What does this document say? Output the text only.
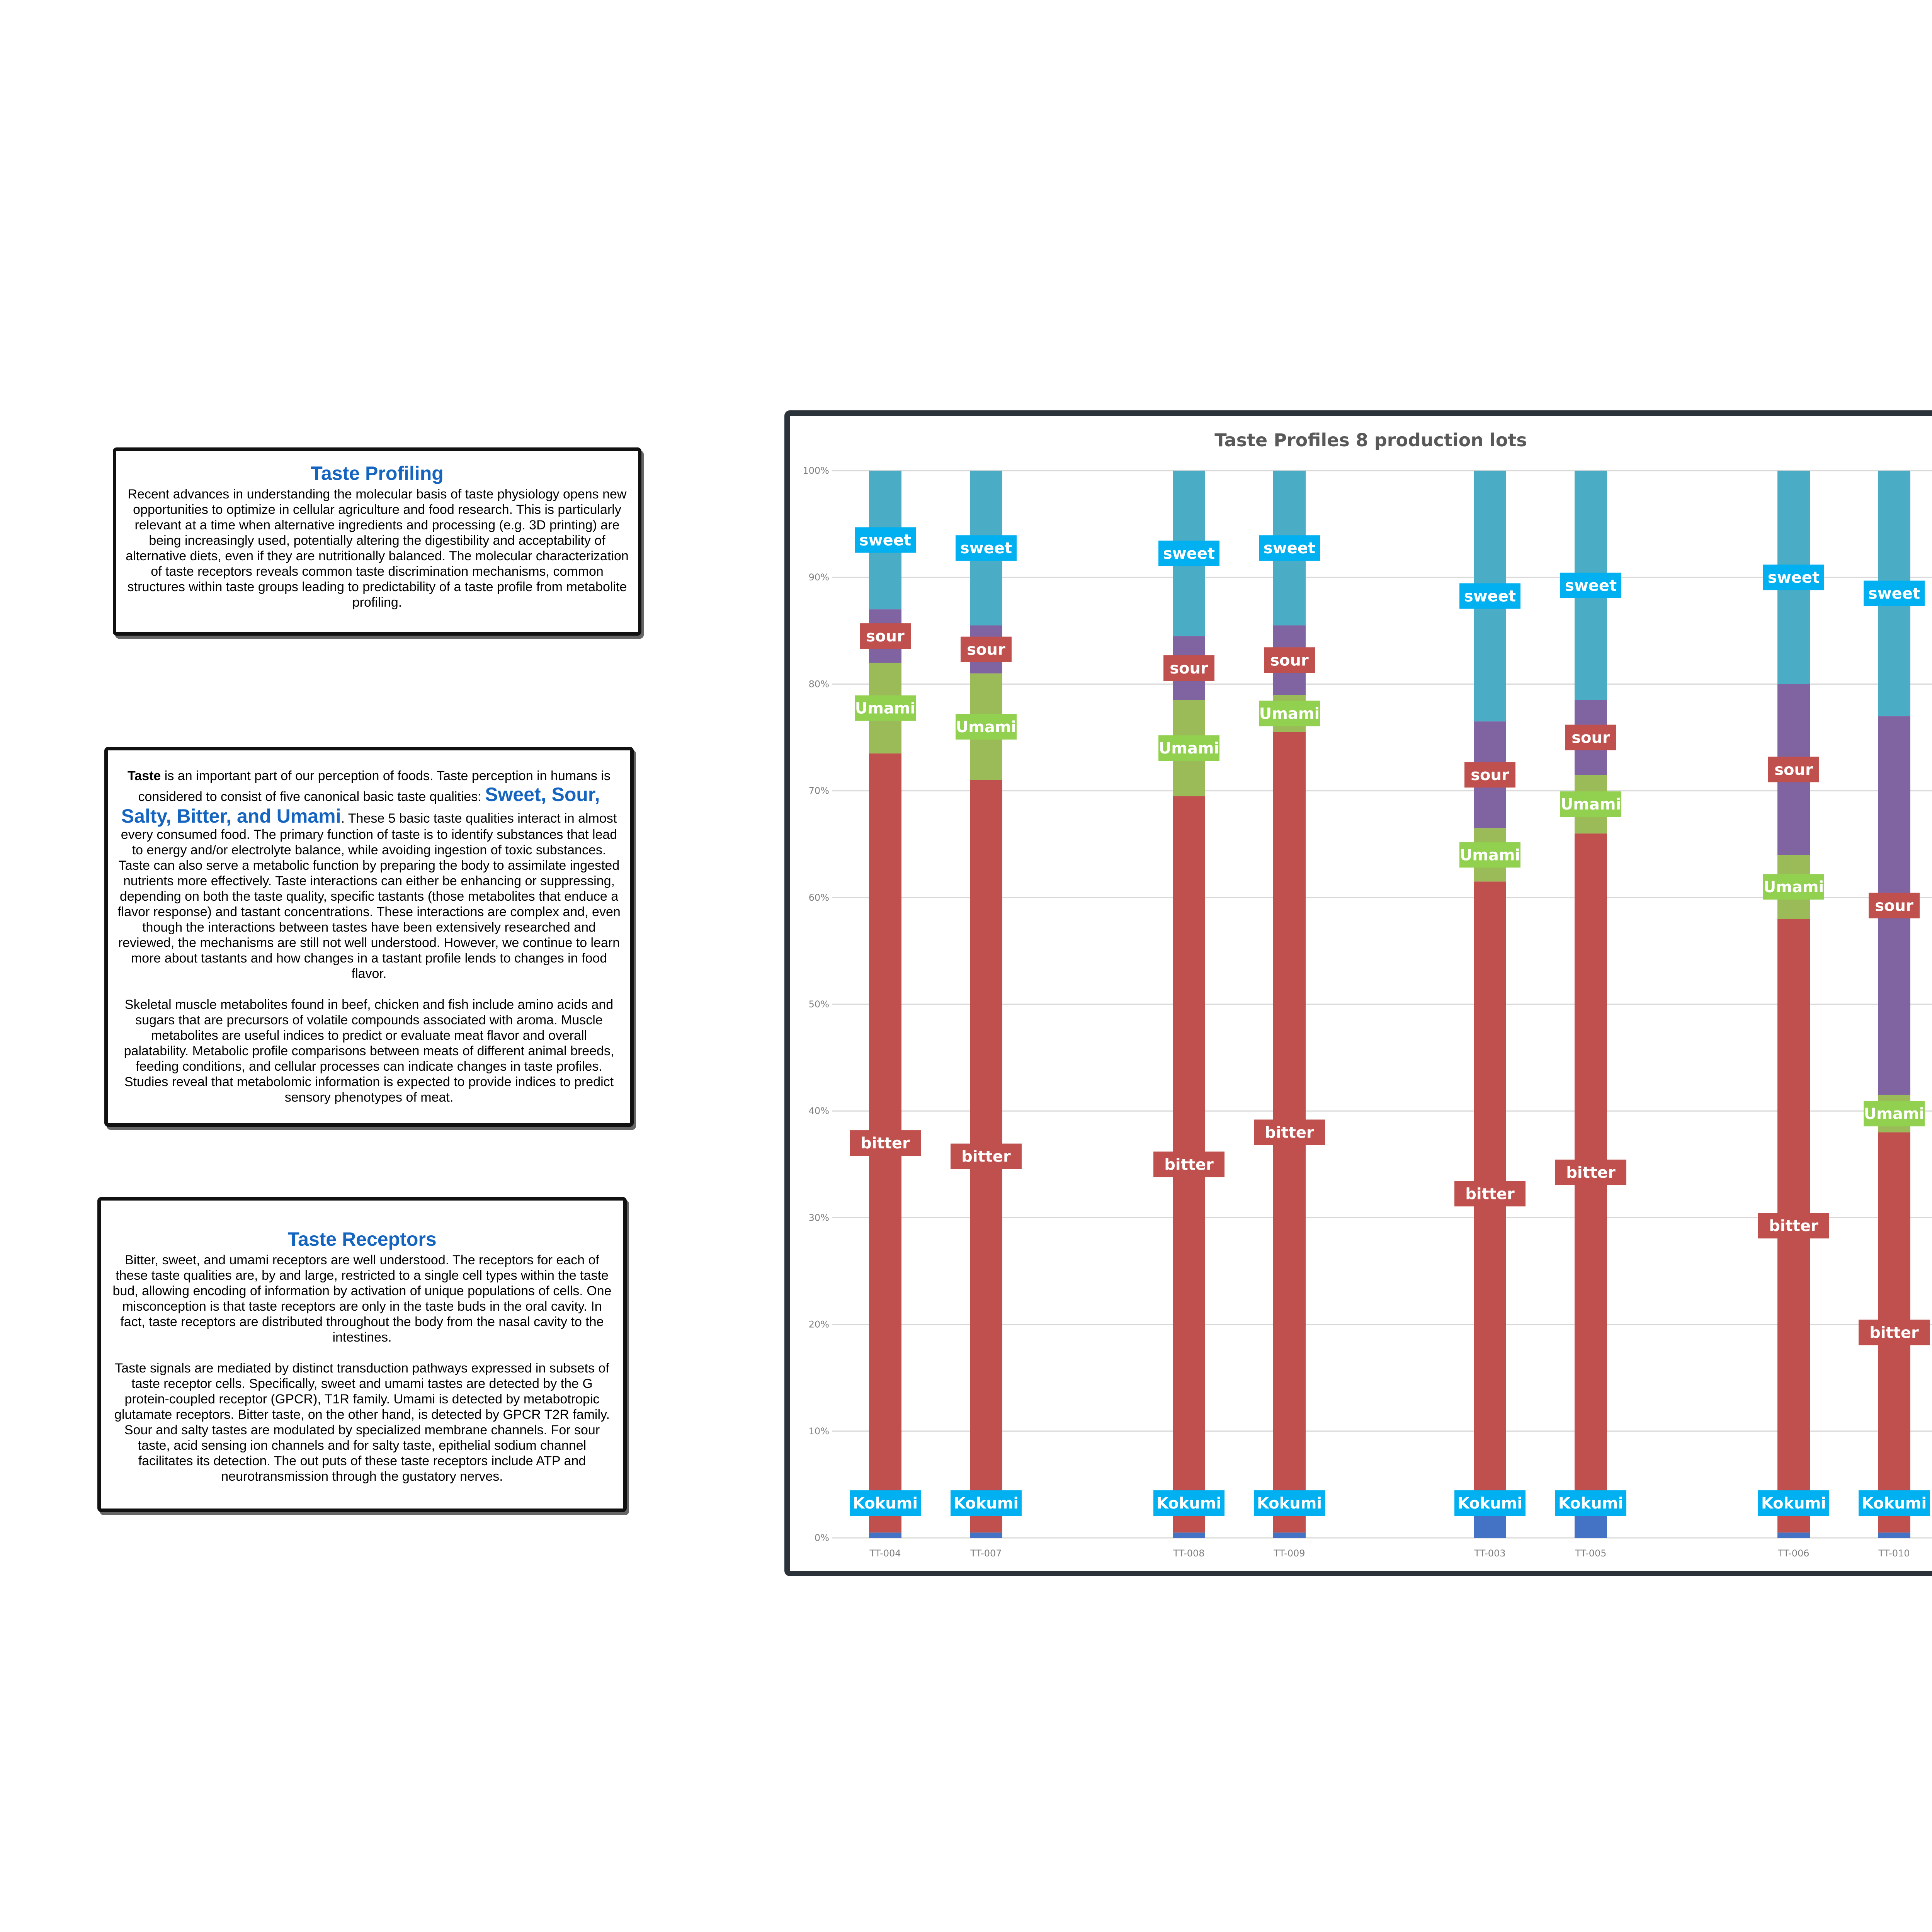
Taste Profiling

Recent advances in understanding the molecular basis of taste physiology opens new opportunities to optimize in cellular agriculture and food research. This is particularly relevant at a time when alternative ingredients and processing (e.g. 3D printing) are being increasingly used, potentially altering the digestibility and acceptability of alternative diets, even if they are nutritionally balanced. The molecular characterization of taste receptors reveals common taste discrimination mechanisms, common structures within taste groups leading to predictability of a taste profile from metabolite profiling.

Taste is an important part of our perception of foods. Taste perception in humans is considered to consist of five canonical basic taste qualities: Sweet, Sour, Salty, Bitter, and Umami. These 5 basic taste qualities interact in almost every consumed food. The primary function of taste is to identify substances that lead to energy and/or electrolyte balance, while avoiding ingestion of toxic substances. Taste can also serve a metabolic function by preparing the body to assimilate ingested nutrients more effectively. Taste interactions can either be enhancing or suppressing, depending on both the taste quality, specific tastants (those metabolites that enduce a flavor response) and tastant concentrations. These interactions are complex and, even though the interactions between tastes have been extensively researched and reviewed, the mechanisms are still not well understood. However, we continue to learn more about tastants and how changes in a tastant profile lends to changes in food flavor.

Skeletal muscle metabolites found in beef, chicken and fish include amino acids and sugars that are precursors of volatile compounds associated with aroma. Muscle metabolites are useful indices to predict or evaluate meat flavor and overall palatability. Metabolic profile comparisons between meats of different animal breeds, feeding conditions, and cellular processes can indicate changes in taste profiles. Studies reveal that metabolomic information is expected to provide indices to predict sensory phenotypes of meat.

Taste Receptors

Bitter, sweet, and umami receptors are well understood. The receptors for each of these taste qualities are, by and large, restricted to a single cell types within the taste bud, allowing encoding of information by activation of unique populations of cells. One misconception is that taste receptors are only in the taste buds in the oral cavity. In fact, taste receptors are distributed throughout the body from the nasal cavity to the intestines.

Taste signals are mediated by distinct transduction pathways expressed in subsets of taste receptor cells. Specifically, sweet and umami tastes are detected by the G protein-coupled receptor (GPCR), T1R family. Umami is detected by metabotropic glutamate receptors. Bitter taste, on the other hand, is detected by GPCR T2R family. Sour and salty tastes are modulated by specialized membrane channels. For sour taste, acid sensing ion channels and for salty taste, epithelial sodium channel facilitates its detection. The out puts of these taste receptors include ATP and neurotransmission through the gustatory nerves.

Taste Profiles 8 production lots
0%
10%
20%
30%
40%
50%
60%
70%
80%
90%
100%
Kokumi
bitter
Umami
sour
sweet
TT-004
Kokumi
bitter
Umami
sour
sweet
TT-007
Kokumi
bitter
Umami
sour
sweet
TT-008
Kokumi
bitter
Umami
sour
sweet
TT-009
Kokumi
bitter
Umami
sour
sweet
TT-003
Kokumi
bitter
Umami
sour
sweet
TT-005
Kokumi
bitter
Umami
sour
sweet
TT-006
Kokumi
bitter
Umami
sour
sweet
TT-010
